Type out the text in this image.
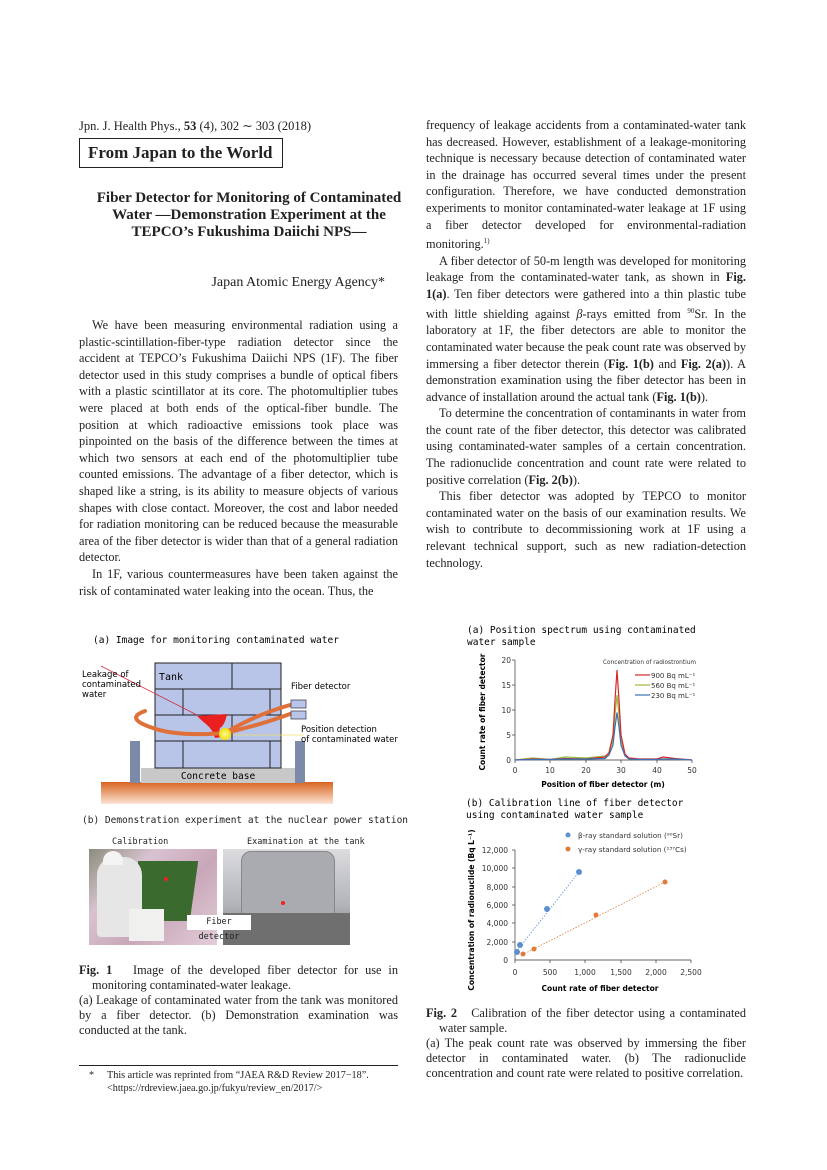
Jpn. J. Health Phys., 53 (4), 302 ∼ 303 (2018)
From Japan to the World
Fiber Detector for Monitoring of Contaminated
Water —Demonstration Experiment at the
TEPCO’s Fukushima Daiichi NPS—
Japan Atomic Energy Agency*

We have been measuring environmental radiation using a plastic-scintillation-fiber-type radiation detector since the accident at TEPCO’s Fukushima Daiichi NPS (1F). The fiber detector used in this study comprises a bundle of optical fibers with a plastic scintillator at its core. The photomultiplier tubes were placed at both ends of the optical-fiber bundle. The position at which radioactive emissions took place was pinpointed on the basis of the difference between the times at which two sensors at each end of the photomultiplier tube counted emissions. The advantage of a fiber detector, which is shaped like a string, is its ability to measure objects of various shapes with close contact. Moreover, the cost and labor needed for radiation monitoring can be reduced because the measurable area of the fiber detector is wider than that of a general radiation detector.

In 1F, various countermeasures have been taken against the risk of contaminated water leaking into the ocean. Thus, the

frequency of leakage accidents from a contaminated-water tank has decreased. However, establishment of a leakage-monitoring technique is necessary because detection of contaminated water in the drainage has occurred several times under the present configuration. Therefore, we have conducted demonstration experiments to monitor contaminated-water leakage at 1F using a fiber detector developed for environmental-radiation monitoring.$^{1)}$

A fiber detector of 50-m length was developed for monitoring leakage from the contaminated-water tank, as shown in Fig. 1(a). Ten fiber detectors were gathered into a thin plastic tube with little shielding against β-rays emitted from $^{90}$Sr. In the laboratory at 1F, the fiber detectors are able to monitor the contaminated water because the peak count rate was observed by immersing a fiber detector therein (Fig. 1(b) and Fig. 2(a)). A demonstration examination using the fiber detector has been in advance of installation around the actual tank (Fig. 1(b)).

To determine the concentration of contaminants in water from the count rate of the fiber detector, this detector was calibrated using contaminated-water samples of a certain concentration. The radionuclide concentration and count rate were related to positive correlation (Fig. 2(b)).

This fiber detector was adopted by TEPCO to monitor contaminated water on the basis of our examination results. We wish to contribute to decommissioning work at 1F using a relevant technical support, such as new radiation-detection technology.

(a) Image for monitoring contaminated water
Concrete base
Tank
Leakage of
contaminated
water
Fiber detector
Position detection
of contaminated water
(b) Demonstration experiment at the nuclear power station
Calibration	Examination at the tank
Fiber detector
Fig. 1 Image of the developed fiber detector for use in monitoring contaminated-water leakage.
(a) Leakage of contaminated water from the tank was monitored by a fiber detector. (b) Demonstration examination was conducted at the tank.
*	This article was reprinted from “JAEA R&D Review 2017−18”.
<https://rdreview.jaea.go.jp/fukyu/review_en/2017/>
(a) Position spectrum using contaminated
water sample
20
15
10
5
0
0	10	20	30	40	50
Position of fiber detector (m)
Count rate of fiber detector	Concentration of radiostrontium
900 Bq mL⁻¹
560 Bq mL⁻¹
230 Bq mL⁻¹
(b) Calibration line of fiber detector
using contaminated water sample
β-ray standard solution (⁹⁰Sr)
γ-ray standard solution (¹³⁷Cs)
12,000
10,000
8,000
6,000
4,000
2,000
0
0	500 1,000 1,500 2,000 2,500
Count rate of fiber detector
Concentration of radionuclide (Bq L⁻¹)
Fig. 2 Calibration of the fiber detector using a contaminated water sample.
(a) The peak count rate was observed by immersing the fiber detector in contaminated water. (b) The radionuclide concentration and count rate were related to positive correlation.
